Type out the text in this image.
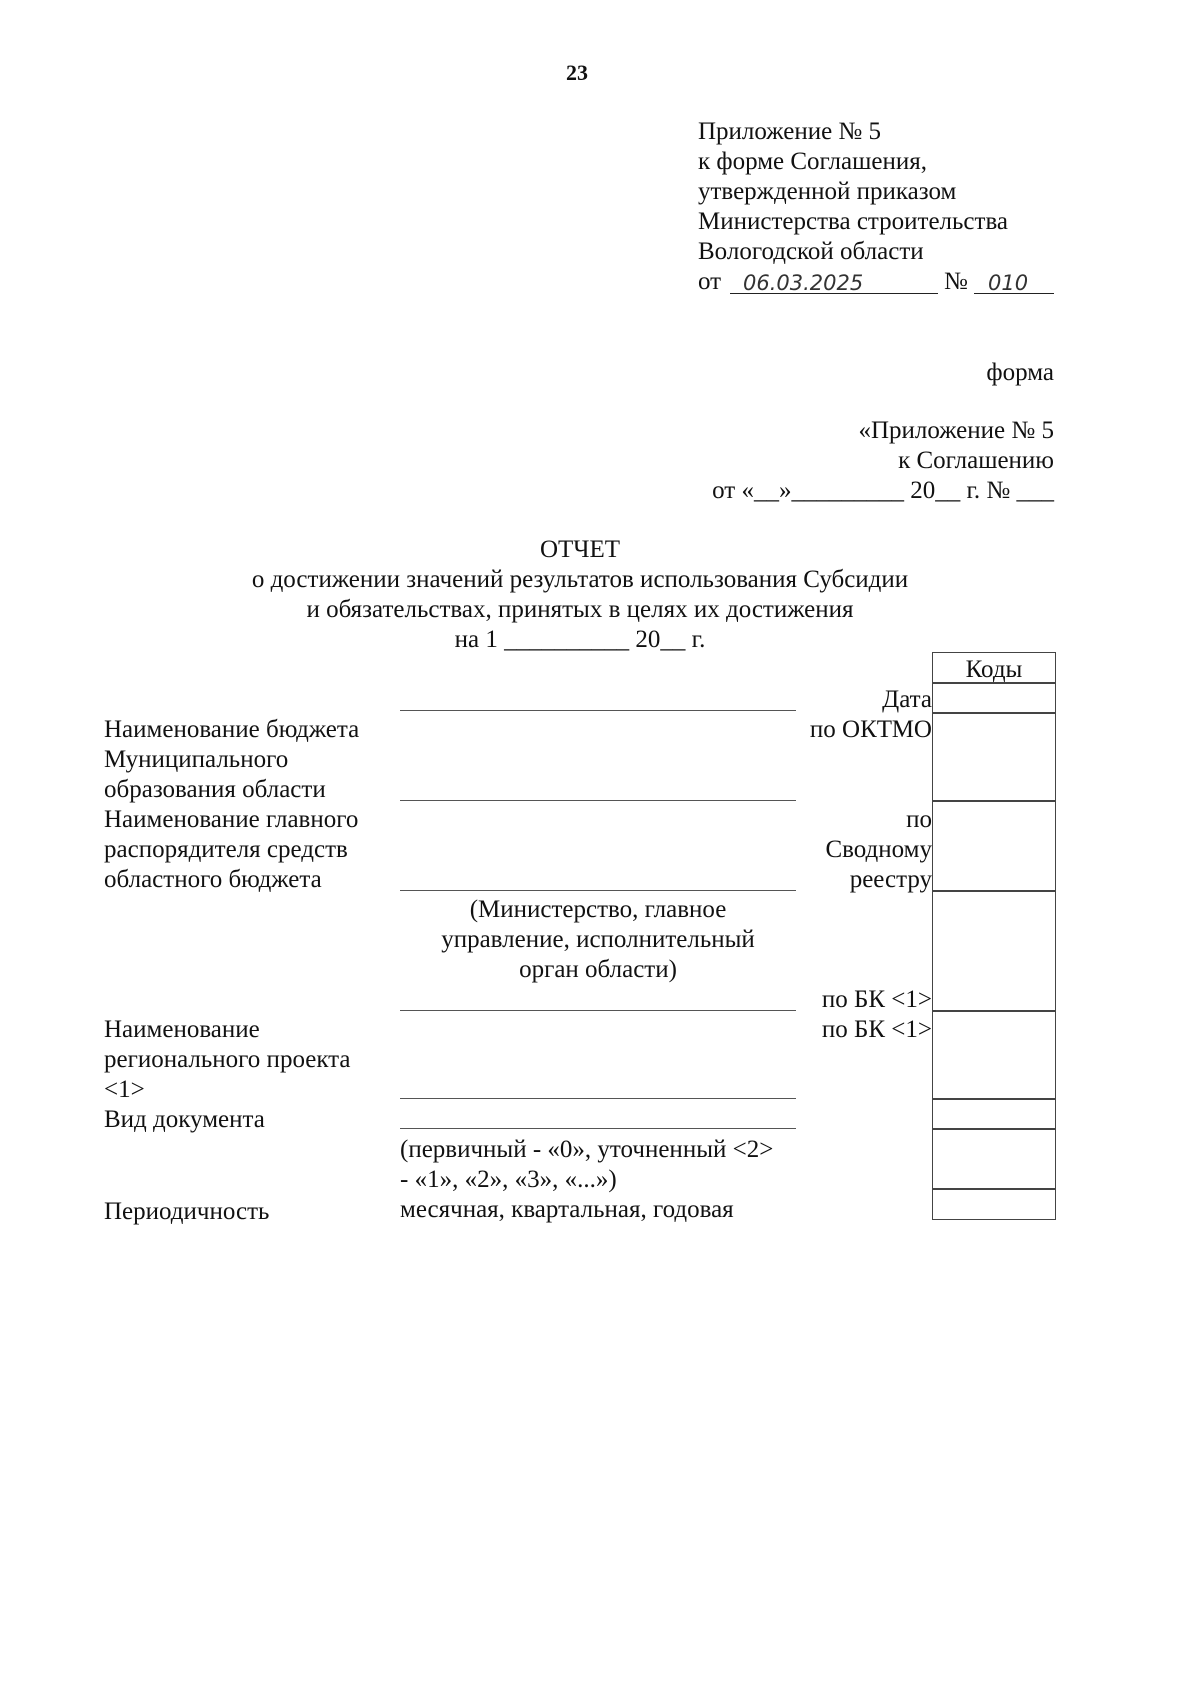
23
Приложение № 5
к форме Соглашения,
утвержденной приказом
Министерства строительства
Вологодской области
от 06.03.2025	№ 010
форма
«Приложение № 5
к Соглашению
от «__»_________ 20__ г. № ___
ОТЧЕТ
о достижении значений результатов использования Субсидии
и обязательствах, принятых в целях их достижения
на 1 __________ 20__ г.
Коды
Дата
по ОКТМО
по
Сводному
реестру
по БК <1>
по БК <1>
Наименование бюджета
Муниципального
образования области
Наименование главного
распорядителя средств
областного бюджета
(Министерство, главное
управление, исполнительный
орган области)
Наименование
регионального проекта
<1>
Вид документа
(первичный - «0», уточненный <2>
- «1», «2», «3», «...»)
Периодичность	месячная, квартальная, годовая
